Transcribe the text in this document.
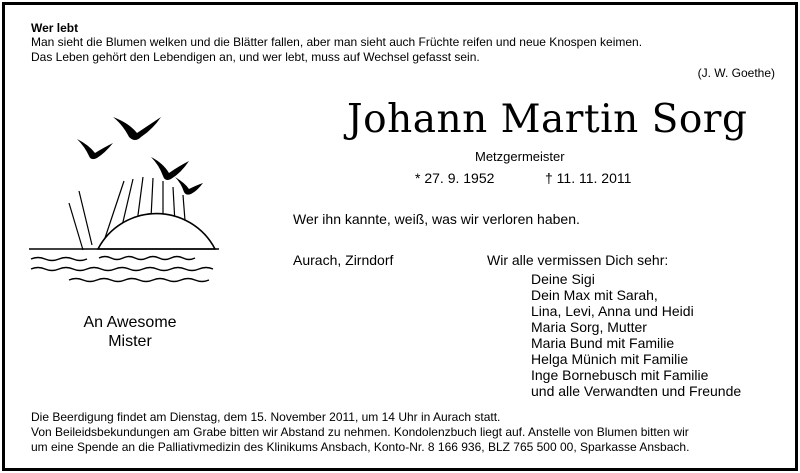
Wer lebt
Man sieht die Blumen welken und die Blätter fallen, aber man sieht auch Früchte reifen und neue Knospen keimen.
Das Leben gehört den Lebendigen an, und wer lebt, muss auf Wechsel gefasst sein.
(J. W. Goethe)
An Awesome
Mister
Johann Martin Sorg
Metzgermeister
* 27. 9. 1952	† 11. 11. 2011
Wer ihn kannte, weiß, was wir verloren haben.
Aurach, Zirndorf	Wir alle vermissen Dich sehr:
Deine Sigi
Dein Max mit Sarah,
Lina, Levi, Anna und Heidi
Maria Sorg, Mutter
Maria Bund mit Familie
Helga Münich mit Familie
Inge Bornebusch mit Familie
und alle Verwandten und Freunde
Die Beerdigung findet am Dienstag, dem 15. November 2011, um 14 Uhr in Aurach statt.
Von Beileidsbekundungen am Grabe bitten wir Abstand zu nehmen. Kondolenzbuch liegt auf. Anstelle von Blumen bitten wir
um eine Spende an die Palliativmedizin des Klinikums Ansbach, Konto-Nr. 8 166 936, BLZ 765 500 00, Sparkasse Ansbach.
